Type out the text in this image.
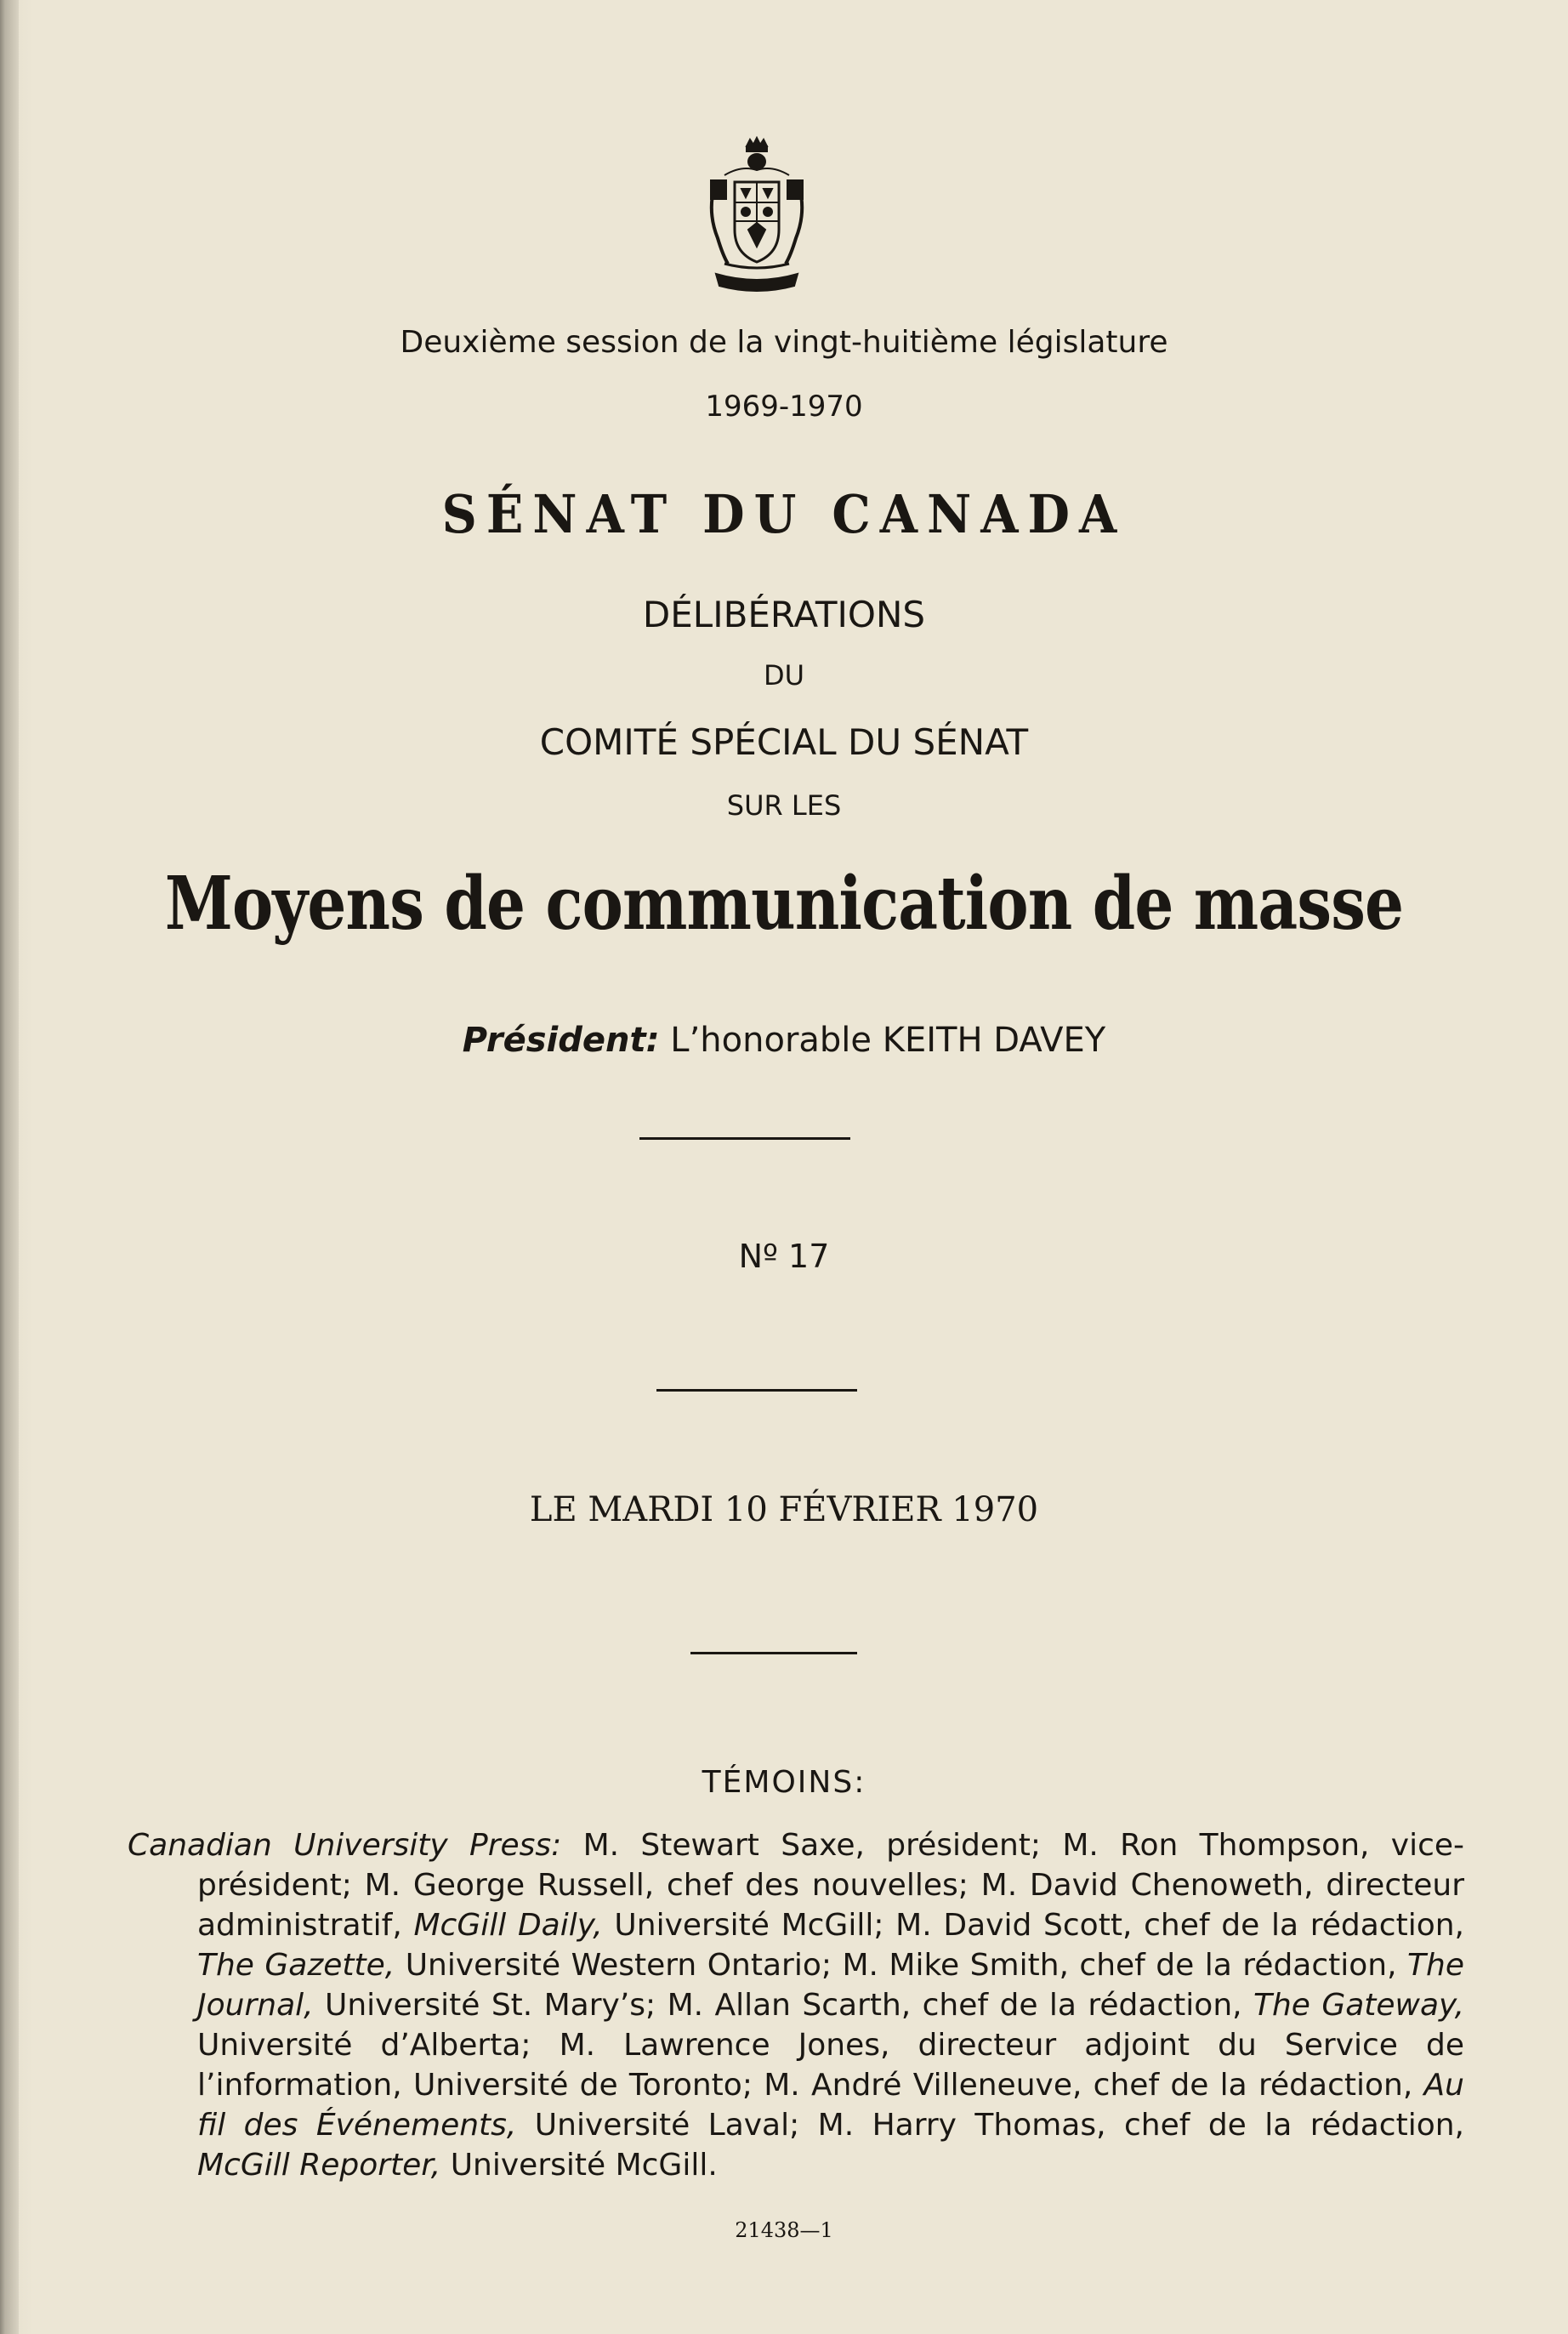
Deuxième session de la vingt-huitième législature
1969-1970
SÉNAT DU CANADA
DÉLIBÉRATIONS
DU
COMITÉ SPÉCIAL DU SÉNAT
SUR LES
Moyens de communication de masse
Président: L’honorable KEITH DAVEY
Nº 17
LE MARDI 10 FÉVRIER 1970
TÉMOINS:
Canadian University Press: M. Stewart Saxe, président; M. Ron Thompson, vice-président; M. George Russell, chef des nouvelles; M. David Chenoweth, directeur administratif, McGill Daily, Université McGill; M. David Scott, chef de la rédaction, The Gazette, Université Western Ontario; M. Mike Smith, chef de la rédaction, The Journal, Université St. Mary’s; M. Allan Scarth, chef de la rédaction, The Gateway, Université d’Alberta; M. Lawrence Jones, directeur adjoint du Service de l’information, Université de Toronto; M. André Villeneuve, chef de la rédaction, Au fil des Événements, Université Laval; M. Harry Thomas, chef de la rédaction, McGill Reporter, Université McGill.
21438—1
